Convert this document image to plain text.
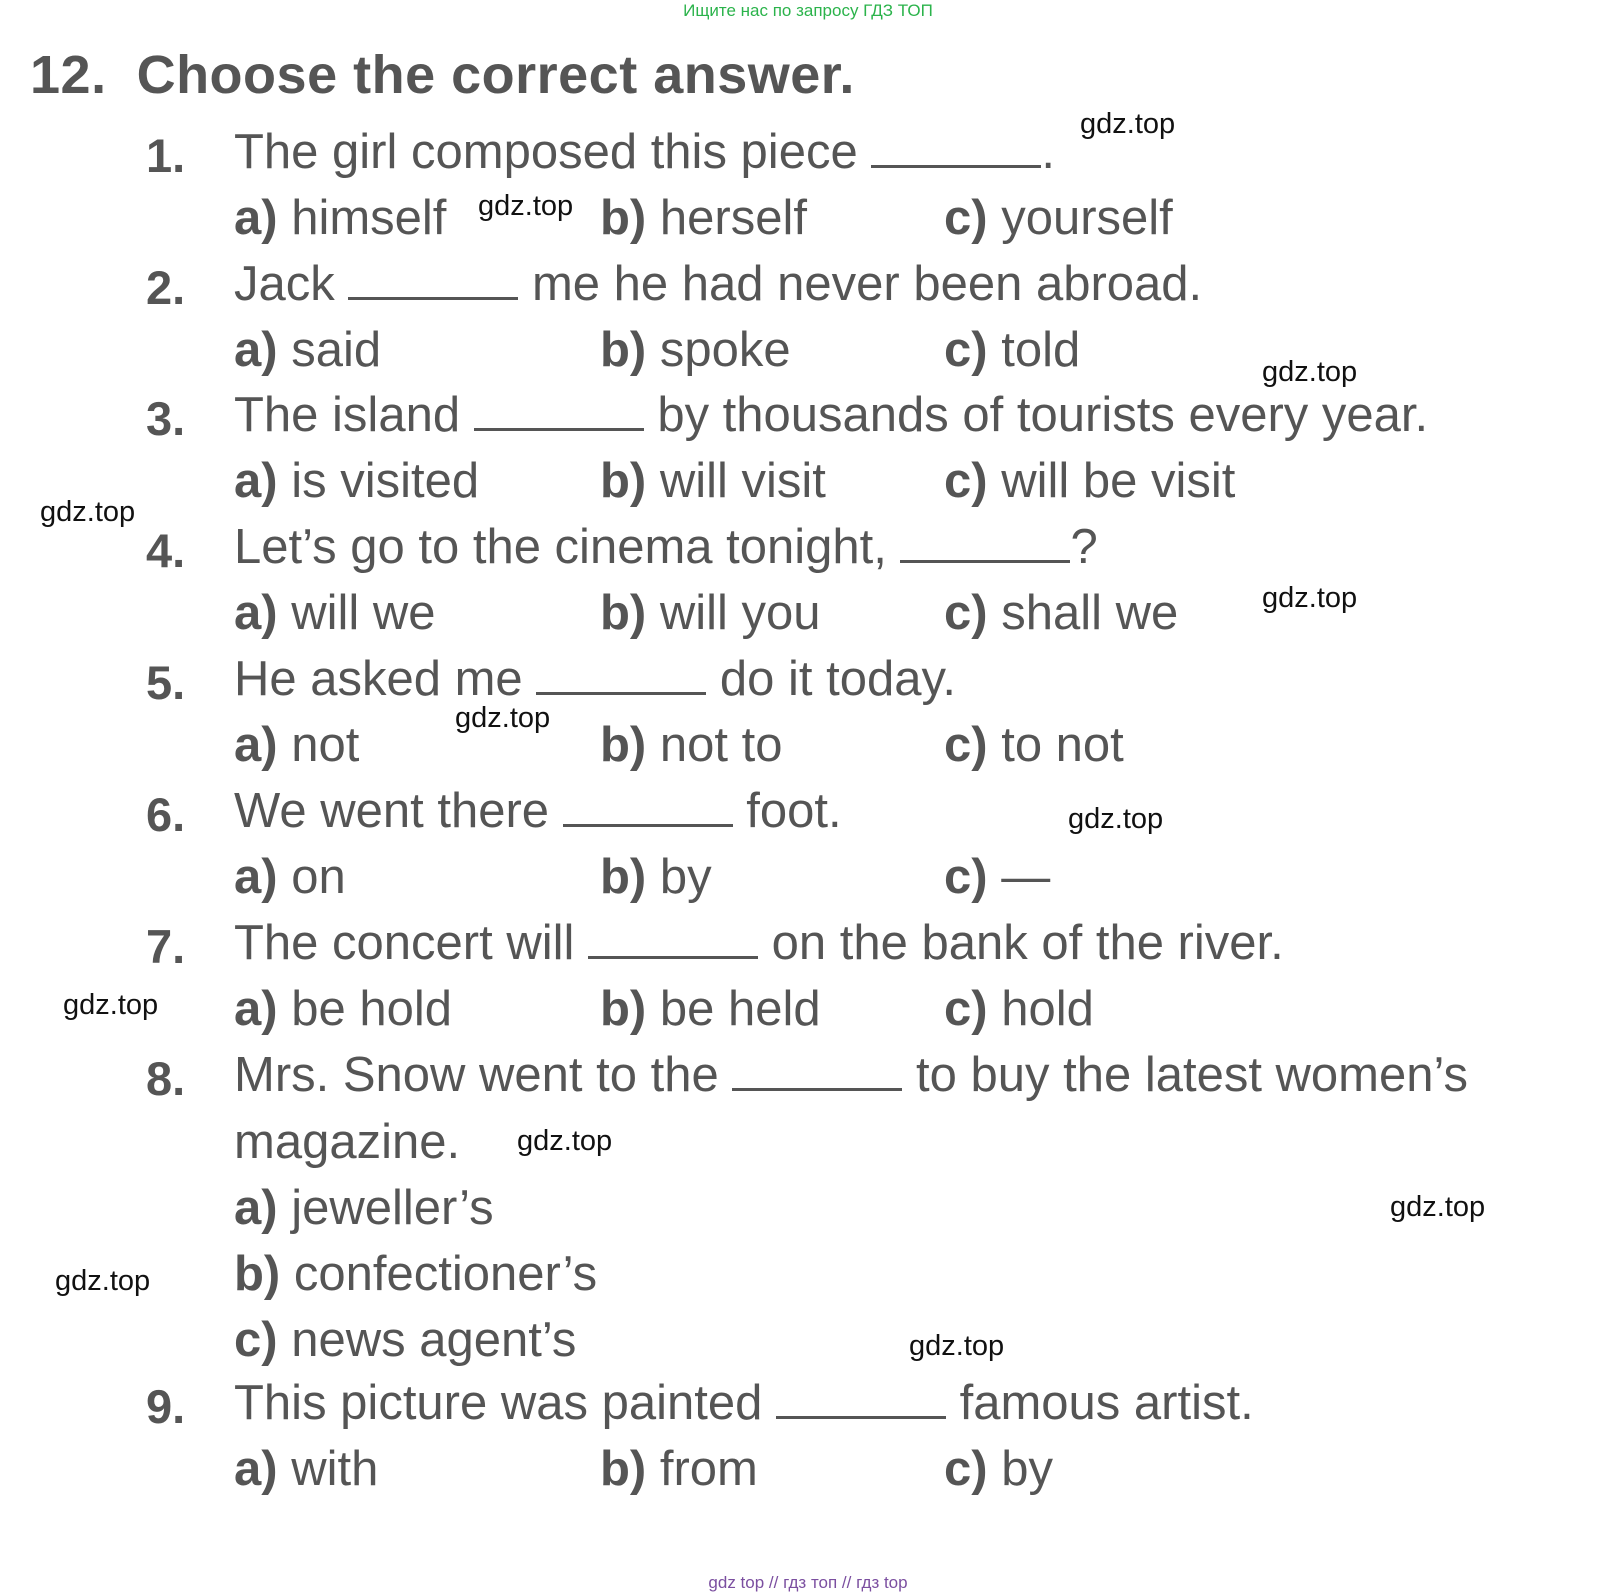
Ищите нас по запросу ГДЗ ТОП
12. Choose the correct answer.
1. The girl composed this piece	.
a) himself	b) herself	c) yourself
2. Jack	me he had never been abroad.
a) said	b) spoke	c) told
3. The island	by thousands of tourists every year.
a) is visited b) will visit c) will be visit
4. Let’s go to the cinema tonight,	?
a) will we	b) will you	c) shall we
5. He asked me	do it today.
a) not	b) not to	c) to not
6. We went there	foot.
a) on	b) by	c) —
7. The concert will	on the bank of the river.
a) be hold	b) be held	c) hold
8. Mrs. Snow went to the	to buy the latest women’s
magazine.
a) jeweller’s
b) confectioner’s
c) news agent’s
9. This picture was painted	famous artist.
a) with	b) from	c) by
gdz.top
gdz.top
gdz.top
gdz.top
gdz.top
gdz.top
gdz.top
gdz.top
gdz.top
gdz.top
gdz.top
gdz.top
gdz top // гдз топ // гдз top
